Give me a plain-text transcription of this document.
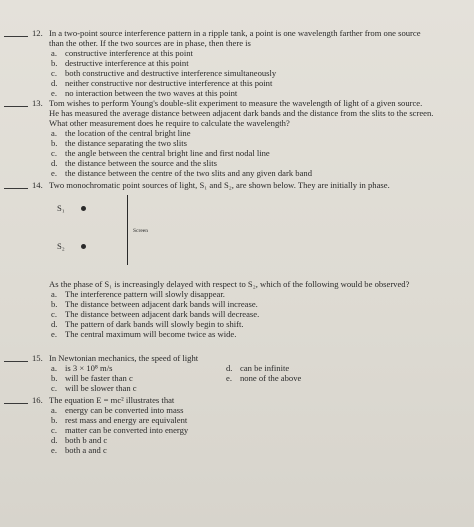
12. In a two-point source interference pattern in a ripple tank, a point is one wavelength farther from one source than the other. If the two sources are in phase, then there is
a. constructive interference at this point
b. destructive interference at this point
c. both constructive and destructive interference simultaneously
d. neither constructive nor destructive interference at this point
e. no interaction between the two waves at this point
13. Tom wishes to perform Young's double-slit experiment to measure the wavelength of light of a given source. He has measured the average distance between adjacent dark bands and the distance from the slits to the screen. What other measurement does he require to calculate the wavelength?
a. the location of the central bright line
b. the distance separating the two slits
c. the angle between the central bright line and first nodal line
d. the distance between the source and the slits
e. the distance between the centre of the two slits and any given dark band
14. Two monochromatic point sources of light, S₁ and S₂, are shown below. They are initially in phase.
S₁
S₂
Screen
As the phase of S₁ is increasingly delayed with respect to S₂, which of the following would be observed?
a. The interference pattern will slowly disappear.
b. The distance between adjacent dark bands will increase.
c. The distance between adjacent dark bands will decrease.
d. The pattern of dark bands will slowly begin to shift.
e. The central maximum will become twice as wide.
15. In Newtonian mechanics, the speed of light
a. is 3 × 10⁸ m/s
b. will be faster than c
c. will be slower than c
d. can be infinite
e. none of the above
16. The equation E = mc² illustrates that
a. energy can be converted into mass
b. rest mass and energy are equivalent
c. matter can be converted into energy
d. both b and c
e. both a and c
